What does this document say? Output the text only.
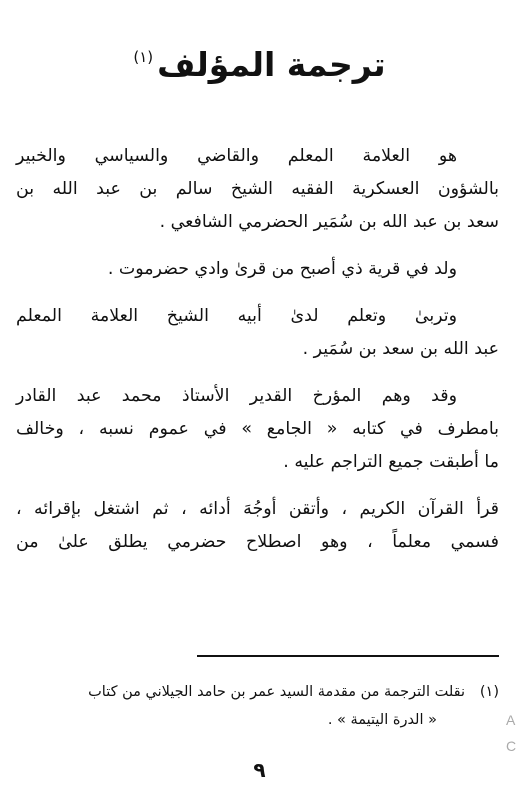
ترجمة المؤلف$^{(١)}$

هو العلامة المعلم والقاضي والسياسي والخبير
بالشؤون العسكرية الفقيه الشيخ سالم بن عبد الله بن
سعد بن عبد الله بن سُمَير الحضرمي الشافعي .

ولد في قرية ذي أصبح من قرىٰ وادي حضرموت .

وتربىٰ وتعلم لدىٰ أبيه الشيخ العلامة المعلم
عبد الله بن سعد بن سُمَير .

وقد وهم المؤرخ القدير الأستاذ محمد عبد القادر
بامطرف في كتابه « الجامع » في عموم نسبه ، وخالف
ما أطبقت جميع التراجم عليه .

قرأ القرآن الكريم ، وأتقن أوجُهَ أدائه ، ثم اشتغل بإقرائه ،
فسمي معلماً ، وهو اصطلاح حضرمي يطلق علىٰ من

(١)نقلت الترجمة من مقدمة السيد عمر بن حامد الجيلاني من كتاب
« الدرة اليتيمة » .
٩
A
C
